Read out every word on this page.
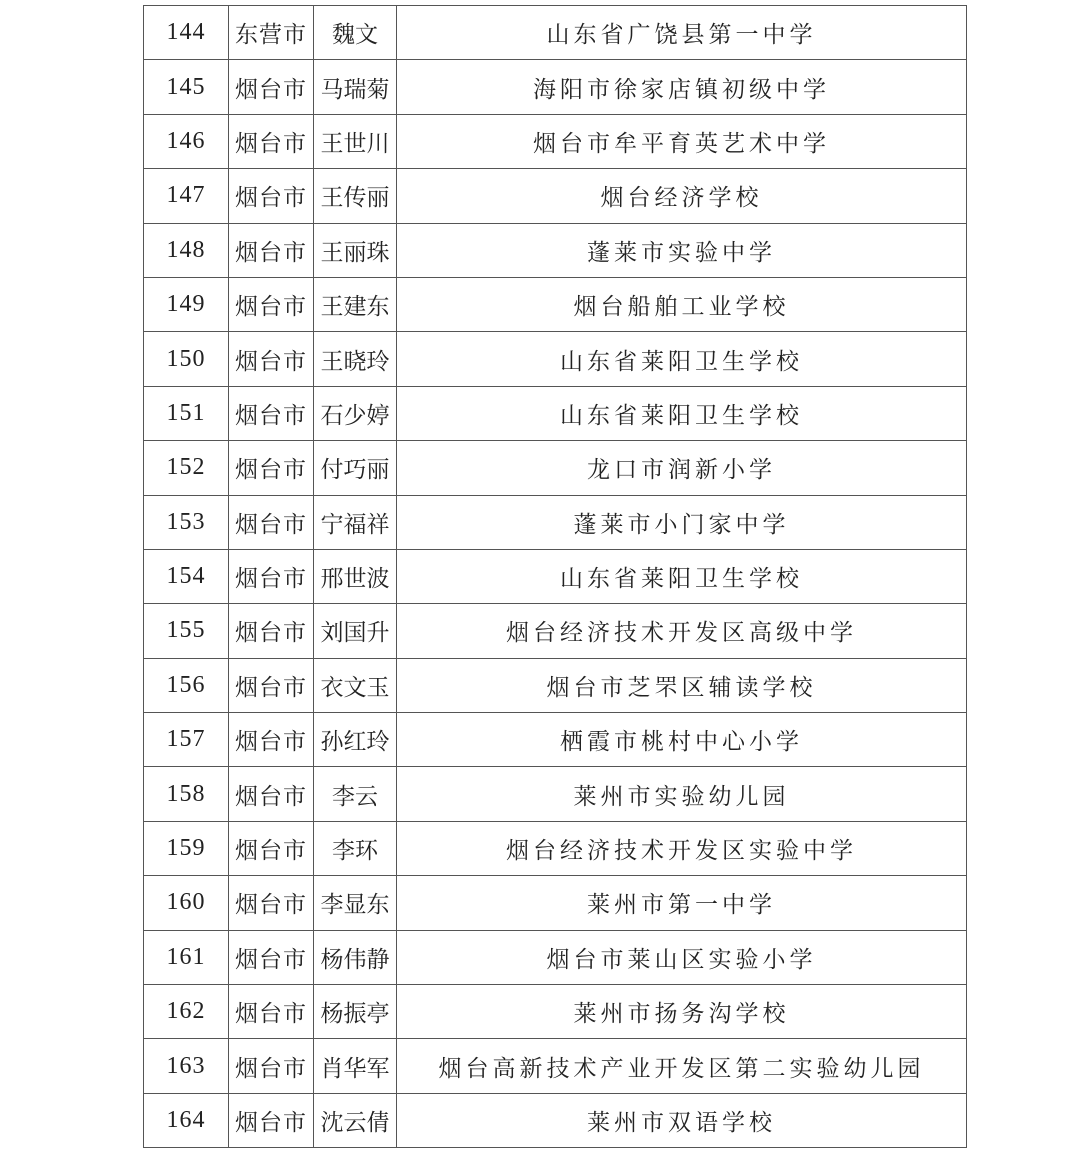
144	东营市	魏文	山东省广饶县第一中学
145	烟台市	马瑞菊	海阳市徐家店镇初级中学
146	烟台市	王世川	烟台市牟平育英艺术中学
147	烟台市	王传丽	烟台经济学校
148	烟台市	王丽珠	蓬莱市实验中学
149	烟台市	王建东	烟台船舶工业学校
150	烟台市	王晓玲	山东省莱阳卫生学校
151	烟台市	石少婷	山东省莱阳卫生学校
152	烟台市	付巧丽	龙口市润新小学
153	烟台市	宁福祥	蓬莱市小门家中学
154	烟台市	邢世波	山东省莱阳卫生学校
155	烟台市	刘国升	烟台经济技术开发区高级中学
156	烟台市	衣文玉	烟台市芝罘区辅读学校
157	烟台市	孙红玲	栖霞市桃村中心小学
158	烟台市	李云	莱州市实验幼儿园
159	烟台市	李环	烟台经济技术开发区实验中学
160	烟台市	李显东	莱州市第一中学
161	烟台市	杨伟静	烟台市莱山区实验小学
162	烟台市	杨振亭	莱州市扬务沟学校
163	烟台市	肖华军	烟台高新技术产业开发区第二实验幼儿园
164	烟台市	沈云倩	莱州市双语学校
